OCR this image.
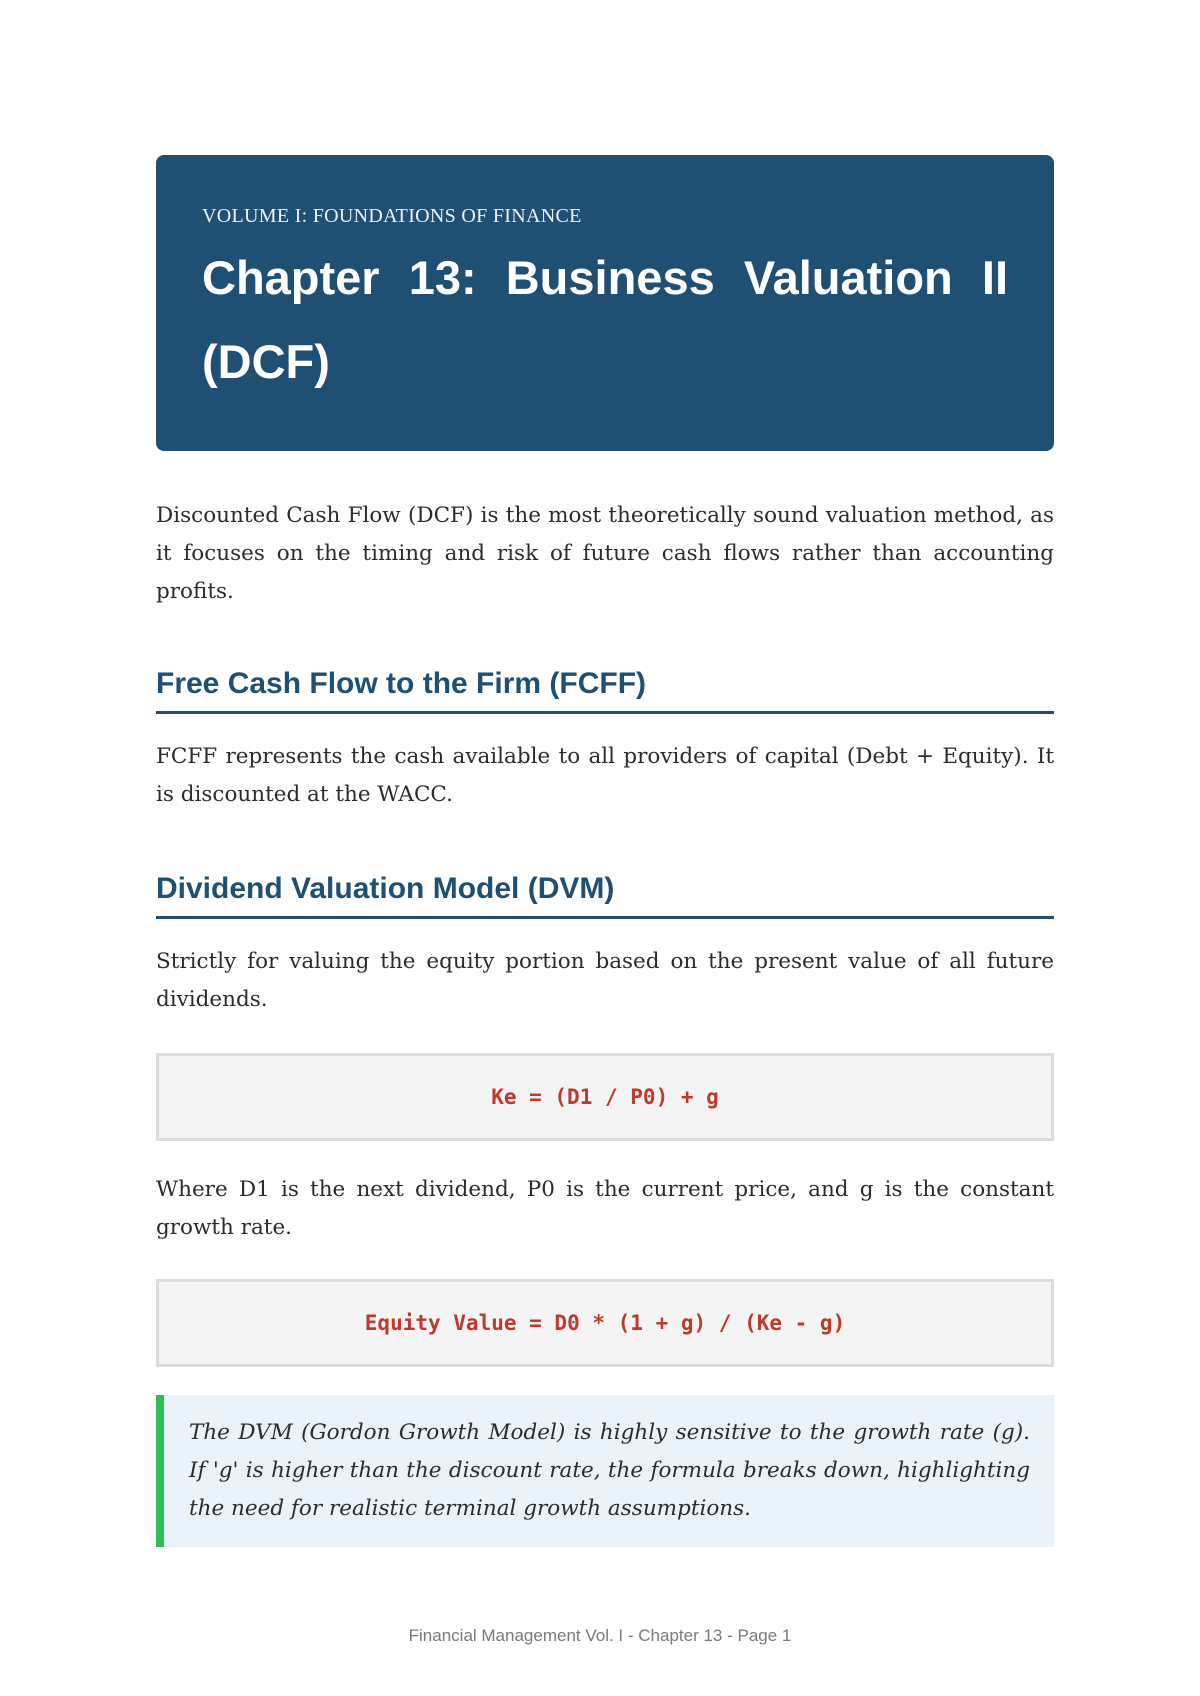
VOLUME I: FOUNDATIONS OF FINANCE

Chapter 13: Business Valuation II (DCF)

Discounted Cash Flow (DCF) is the most theoretically sound valuation method, as it focuses on the timing and risk of future cash flows rather than accounting profits.

Free Cash Flow to the Firm (FCFF)

FCFF represents the cash available to all providers of capital (Debt + Equity). It is discounted at the WACC.

Dividend Valuation Model (DVM)

Strictly for valuing the equity portion based on the present value of all future dividends.

Ke = (D1 / P0) + g

Where D1 is the next dividend, P0 is the current price, and g is the constant growth rate.

Equity Value = D0 * (1 + g) / (Ke - g)
The DVM (Gordon Growth Model) is highly sensitive to the growth rate (g). If 'g' is higher than the discount rate, the formula breaks down, highlighting the need for realistic terminal growth assumptions.
Financial Management Vol. I - Chapter 13 - Page 1
